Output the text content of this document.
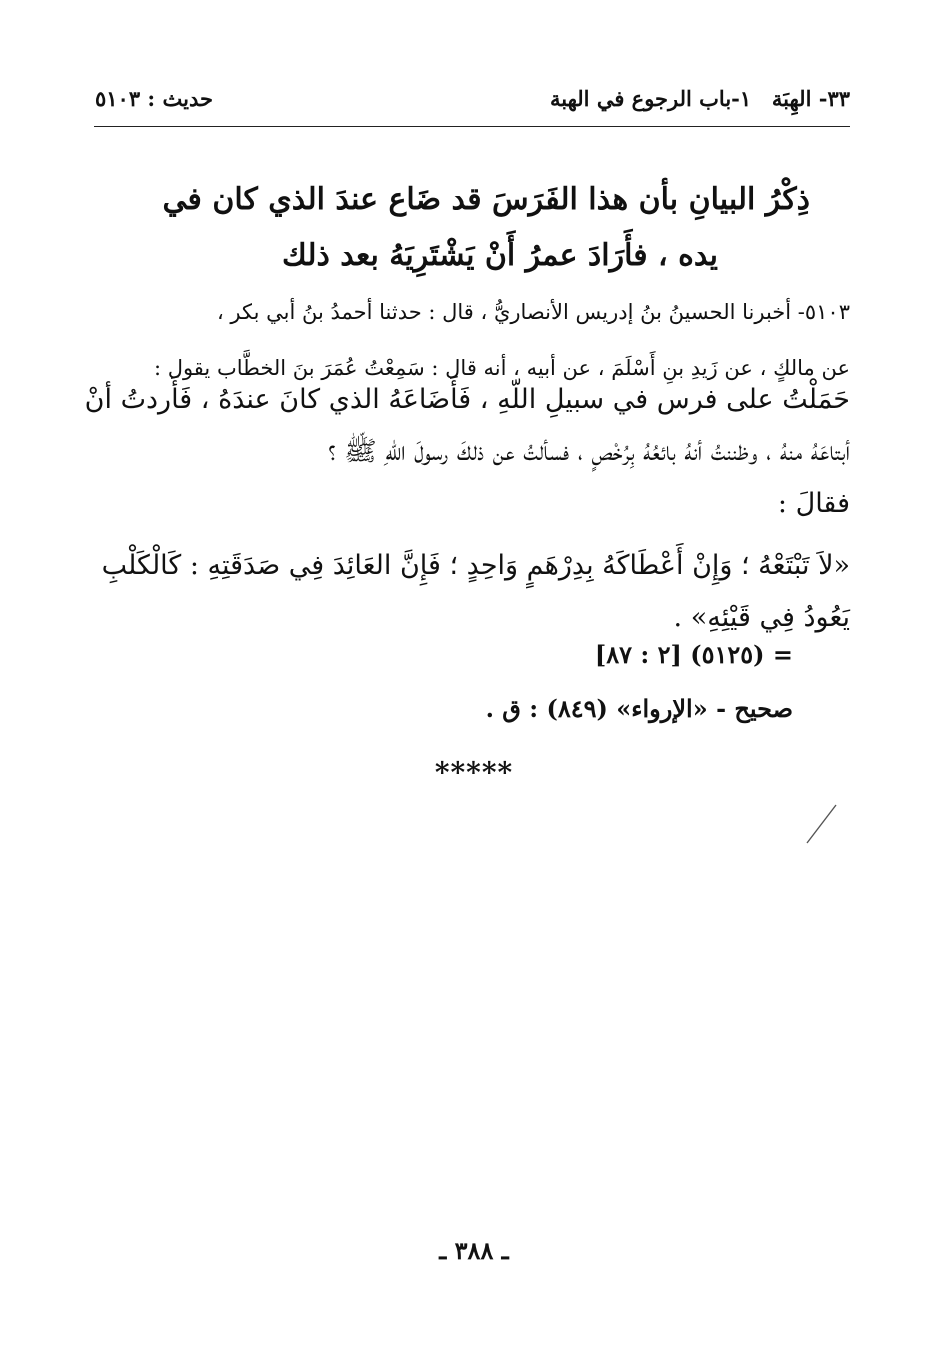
٣٣- الهِبَة
١-باب الرجوع في الهبة
حديث : ٥١٠٣
ذِكْرُ البيانِ بأن هذا الفَرَسَ قد ضَاع عندَ الذي كان في
يده ، فأَرَادَ عمرُ أَنْ يَشْتَرِيَهُ بعد ذلك
٥١٠٣- أخبرنا الحسينُ بنُ إدريس الأنصاريُّ ، قال : حدثنا أحمدُ بنُ أبي بكر ،
عن مالكٍ ، عن زَيدِ بنِ أَسْلَمَ ، عن أبيه ، أنه قال : سَمِعْتُ عُمَرَ بنَ الخطَّاب يقول :
حَمَلْتُ على فرس في سبيلِ اللّهِ ، فَأَضَاعَهُ الذي كانَ عندَهُ ، فَأَردتُ أنْ
أبتاعَهُ منهُ ، وظننتُ أنهُ بائعُهُ بِرُخْصٍ ، فسألتُ عن ذلكَ رسولَ اللّهِ ﷺ ؟
فقالَ :
«لاَ تَبْتَعْهُ ؛ وَإِنْ أَعْطَاكَهُ بِدِرْهَمٍ وَاحِدٍ ؛ فَإِنَّ العَائِدَ فِي صَدَقَتِهِ : كَالْكَلْبِ
يَعُودُ فِي قَيْئِهِ» .
= (٥١٢٥) [٢ : ٨٧]
صحيح - «الإرواء» (٨٤٩) : ق .
*****
ـ ٣٨٨ ـ
